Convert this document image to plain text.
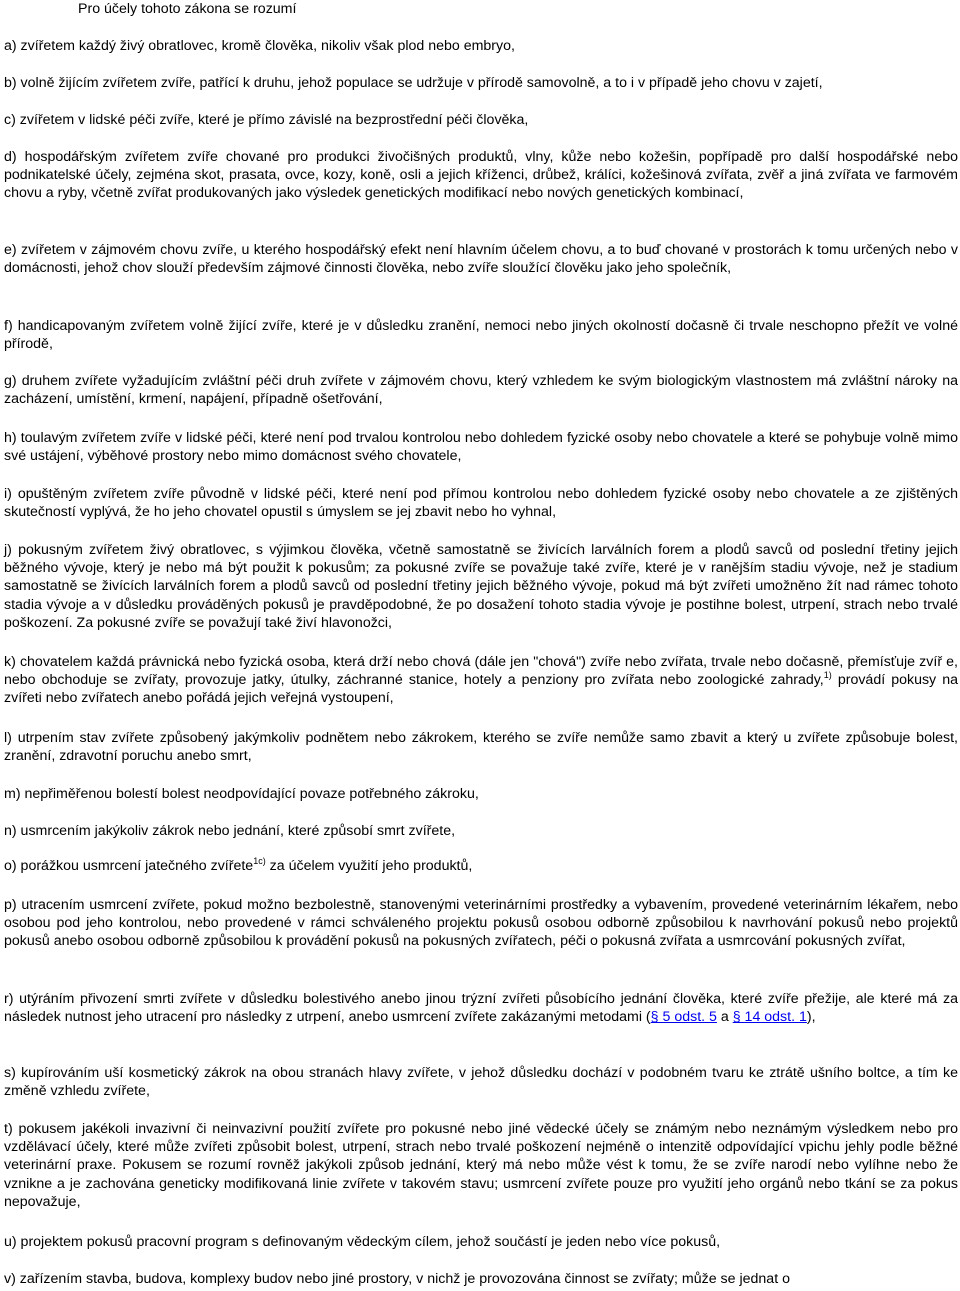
Pro účely tohoto zákona se rozumí

a) zvířetem každý živý obratlovec, kromě člověka, nikoliv však plod nebo embryo,

b) volně žijícím zvířetem zvíře, patřící k druhu, jehož populace se udržuje v přírodě samovolně, a to i v případě jeho chovu v zajetí,

c) zvířetem v lidské péči zvíře, které je přímo závislé na bezprostřední péči člověka,

d) hospodářským zvířetem zvíře chované pro produkci živočišných produktů, vlny, kůže nebo kožešin, popřípadě pro další hospodářské nebo podnikatelské účely, zejména skot, prasata, ovce, kozy, koně, osli a jejich kříženci, drůbež, králíci, kožešinová zvířata, zvěř a jiná zvířata ve farmovém chovu a ryby, včetně zvířat produkovaných jako výsledek genetických modifikací nebo nových genetických kombinací,

e) zvířetem v zájmovém chovu zvíře, u kterého hospodářský efekt není hlavním účelem chovu, a to buď chované v prostorách k tomu určených nebo v domácnosti, jehož chov slouží především zájmové činnosti člověka, nebo zvíře sloužící člověku jako jeho společník,

f) handicapovaným zvířetem volně žijící zvíře, které je v důsledku zranění, nemoci nebo jiných okolností dočasně či trvale neschopno přežít ve volné přírodě,

g) druhem zvířete vyžadujícím zvláštní péči druh zvířete v zájmovém chovu, který vzhledem ke svým biologickým vlastnostem má zvláštní nároky na zacházení, umístění, krmení, napájení, případně ošetřování,

h) toulavým zvířetem zvíře v lidské péči, které není pod trvalou kontrolou nebo dohledem fyzické osoby nebo chovatele a které se pohybuje volně mimo své ustájení, výběhové prostory nebo mimo domácnost svého chovatele,

i) opuštěným zvířetem zvíře původně v lidské péči, které není pod přímou kontrolou nebo dohledem fyzické osoby nebo chovatele a ze zjištěných skutečností vyplývá, že ho jeho chovatel opustil s úmyslem se jej zbavit nebo ho vyhnal,

j) pokusným zvířetem živý obratlovec, s výjimkou člověka, včetně samostatně se živících larválních forem a plodů savců od poslední třetiny jejich běžného vývoje, který je nebo má být použit k pokusům; za pokusné zvíře se považuje také zvíře, které je v ranějším stadiu vývoje, než je stadium samostatně se živících larválních forem a plodů savců od poslední třetiny jejich běžného vývoje, pokud má být zvířeti umožněno žít nad rámec tohoto stadia vývoje a v důsledku prováděných pokusů je pravděpodobné, že po dosažení tohoto stadia vývoje je postihne bolest, utrpení, strach nebo trvalé poškození. Za pokusné zvíře se považují také živí hlavonožci,

k) chovatelem každá právnická nebo fyzická osoba, která drží nebo chová (dále jen "chová") zvíře nebo zvířata, trvale nebo dočasně, přemísťuje zvíř e, nebo obchoduje se zvířaty, provozuje jatky, útulky, záchranné stanice, hotely a penziony pro zvířata nebo zoologické zahrady,$^{1)}$ provádí pokusy na zvířeti nebo zvířatech anebo pořádá jejich veřejná vystoupení,

l) utrpením stav zvířete způsobený jakýmkoliv podnětem nebo zákrokem, kterého se zvíře nemůže samo zbavit a který u zvířete způsobuje bolest, zranění, zdravotní poruchu anebo smrt,

m) nepřiměřenou bolestí bolest neodpovídající povaze potřebného zákroku,

n) usmrcením jakýkoliv zákrok nebo jednání, které způsobí smrt zvířete,

o) porážkou usmrcení jatečného zvířete$^{1c)}$ za účelem využití jeho produktů,

p) utracením usmrcení zvířete, pokud možno bezbolestně, stanovenými veterinárními prostředky a vybavením, provedené veterinárním lékařem, nebo osobou pod jeho kontrolou, nebo provedené v rámci schváleného projektu pokusů osobou odborně způsobilou k navrhování pokusů nebo projektů pokusů anebo osobou odborně způsobilou k provádění pokusů na pokusných zvířatech, péči o pokusná zvířata a usmrcování pokusných zvířat,

r) utýráním přivození smrti zvířete v důsledku bolestivého anebo jinou trýzní zvířeti působícího jednání člověka, které zvíře přežije, ale které má za následek nutnost jeho utracení pro následky z utrpení, anebo usmrcení zvířete zakázanými metodami (§ 5 odst. 5 a § 14 odst. 1),

s) kupírováním uší kosmetický zákrok na obou stranách hlavy zvířete, v jehož důsledku dochází v podobném tvaru ke ztrátě ušního boltce, a tím ke změně vzhledu zvířete,

t) pokusem jakékoli invazivní či neinvazivní použití zvířete pro pokusné nebo jiné vědecké účely se známým nebo neznámým výsledkem nebo pro vzdělávací účely, které může zvířeti způsobit bolest, utrpení, strach nebo trvalé poškození nejméně o intenzitě odpovídající vpichu jehly podle běžné veterinární praxe. Pokusem se rozumí rovněž jakýkoli způsob jednání, který má nebo může vést k tomu, že se zvíře narodí nebo vylíhne nebo že vznikne a je zachována geneticky modifikovaná linie zvířete v takovém stavu; usmrcení zvířete pouze pro využití jeho orgánů nebo tkání se za pokus nepovažuje,

u) projektem pokusů pracovní program s definovaným vědeckým cílem, jehož součástí je jeden nebo více pokusů,

v) zařízením stavba, budova, komplexy budov nebo jiné prostory, v nichž je provozována činnost se zvířaty; může se jednat o
